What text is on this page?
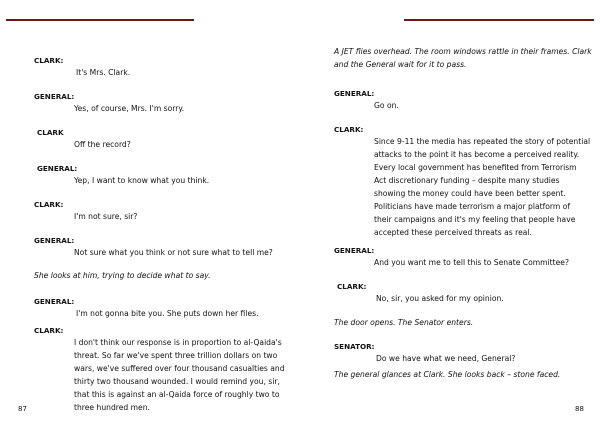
CLARK:
It's Mrs. Clark.
GENERAL:
Yes, of course, Mrs. I'm sorry.
CLARK
Off the record?
GENERAL:
Yep, I want to know what you think.
CLARK:
I'm not sure, sir?
GENERAL:
Not sure what you think or not sure what to tell me?
She looks at him, trying to decide what to say.
GENERAL:
I'm not gonna bite you. She puts down her files.
CLARK:
I don't think our response is in proportion to al-Qaida's
threat. So far we've spent three trillion dollars on two
wars, we've suffered over four thousand casualties and
thirty two thousand wounded. I would remind you, sir,
that this is against an al-Qaida force of roughly two to
three hundred men.
87
A JET flies overhead. The room windows rattle in their frames. Clark
and the General wait for it to pass.
GENERAL:
Go on.
CLARK:
Since 9-11 the media has repeated the story of potential
attacks to the point it has become a perceived reality.
Every local government has benefited from Terrorism
Act discretionary funding – despite many studies
showing the money could have been better spent.
Politicians have made terrorism a major platform of
their campaigns and it's my feeling that people have
accepted these perceived threats as real.
GENERAL:
And you want me to tell this to Senate Committee?
CLARK:
No, sir, you asked for my opinion.
The door opens. The Senator enters.
SENATOR:
Do we have what we need, General?
The general glances at Clark. She looks back – stone faced.
88
